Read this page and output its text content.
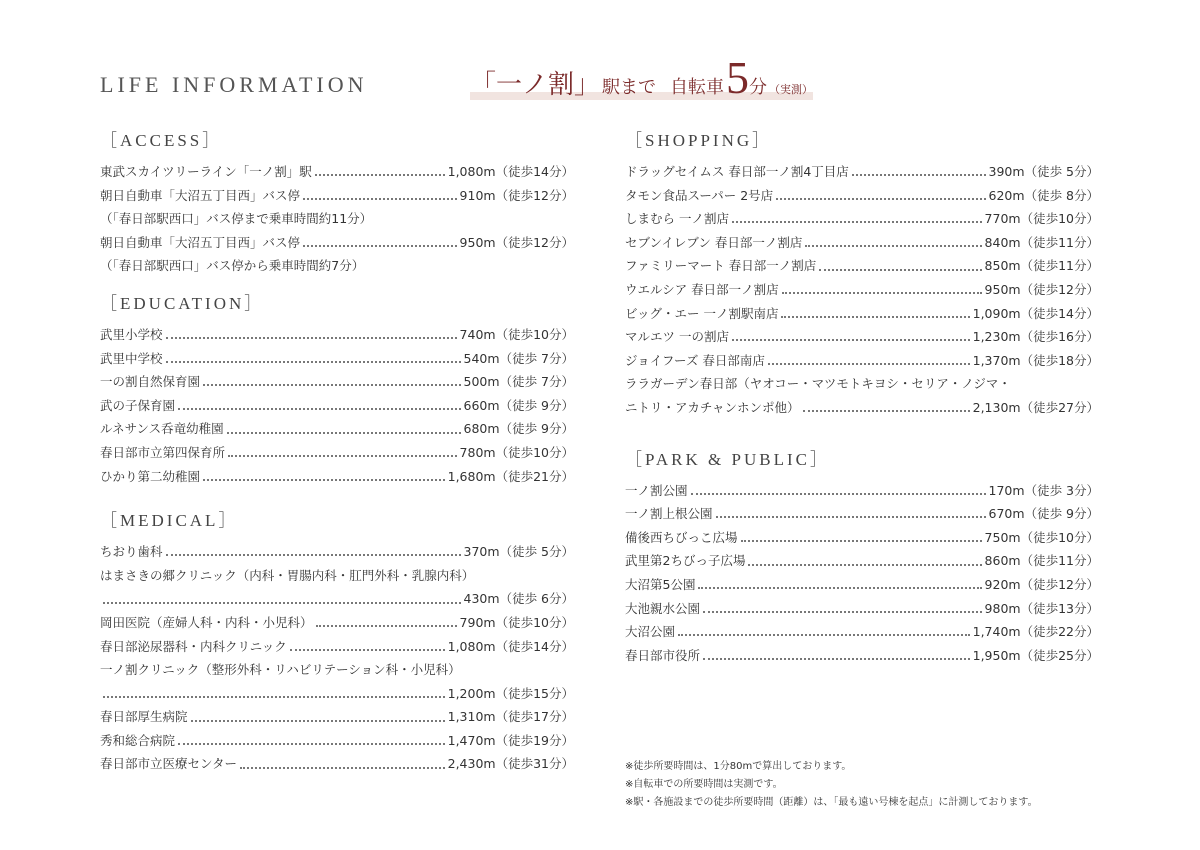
LIFE INFORMATION	「一ノ割」 駅まで 自転車 5 分 （実測）
［ACCESS］
東武スカイツリーライン「一ノ割」駅	1,080m （徒歩14分）
朝日自動車「大沼五丁目西」バス停	910m （徒歩12分）
（「春日部駅西口」バス停まで乗車時間約11分）
朝日自動車「大沼五丁目西」バス停	950m （徒歩12分）
（「春日部駅西口」バス停から乗車時間約7分）
［EDUCATION］
武里小学校	740m （徒歩10分）
武里中学校	540m （徒歩 7分）
一の割自然保育園	500m （徒歩 7分）
武の子保育園	660m （徒歩 9分）
ルネサンス呑竜幼稚園	680m （徒歩 9分）
春日部市立第四保育所	780m （徒歩10分）
ひかり第二幼稚園	1,680m （徒歩21分）
［MEDICAL］
ちおり歯科	370m （徒歩 5分）
はまさきの郷クリニック（内科・胃腸内科・肛門外科・乳腺内科）
430m （徒歩 6分）
岡田医院（産婦人科・内科・小児科）	790m （徒歩10分）
春日部泌尿器科・内科クリニック	1,080m （徒歩14分）
一ノ割クリニック（整形外科・リハビリテーション科・小児科）
1,200m （徒歩15分）
春日部厚生病院	1,310m （徒歩17分）
秀和総合病院	1,470m （徒歩19分）
春日部市立医療センター	2,430m （徒歩31分）
［SHOPPING］
ドラッグセイムス 春日部一ノ割4丁目店	390m （徒歩 5分）
タモン食品スーパー 2号店	620m （徒歩 8分）
しまむら 一ノ割店	770m （徒歩10分）
セブンイレブン 春日部一ノ割店	840m （徒歩11分）
ファミリーマート 春日部一ノ割店	850m （徒歩11分）
ウエルシア 春日部一ノ割店	950m （徒歩12分）
ビッグ・エー 一ノ割駅南店	1,090m （徒歩14分）
マルエツ 一の割店	1,230m （徒歩16分）
ジョイフーズ 春日部南店	1,370m （徒歩18分）
ララガーデン春日部（ヤオコー・マツモトキヨシ・セリア・ノジマ・
ニトリ・アカチャンホンポ他）	2,130m （徒歩27分）
［PARK & PUBLIC］
一ノ割公園	170m （徒歩 3分）
一ノ割上根公園	670m （徒歩 9分）
備後西ちびっこ広場	750m （徒歩10分）
武里第2ちびっ子広場	860m （徒歩11分）
大沼第5公園	920m （徒歩12分）
大池親水公園	980m （徒歩13分）
大沼公園	1,740m （徒歩22分）
春日部市役所	1,950m （徒歩25分）
※徒歩所要時間は、1分80mで算出しております。
※自転車での所要時間は実測です。
※駅・各施設までの徒歩所要時間（距離）は、「最も遠い号棟を起点」に計測しております。
